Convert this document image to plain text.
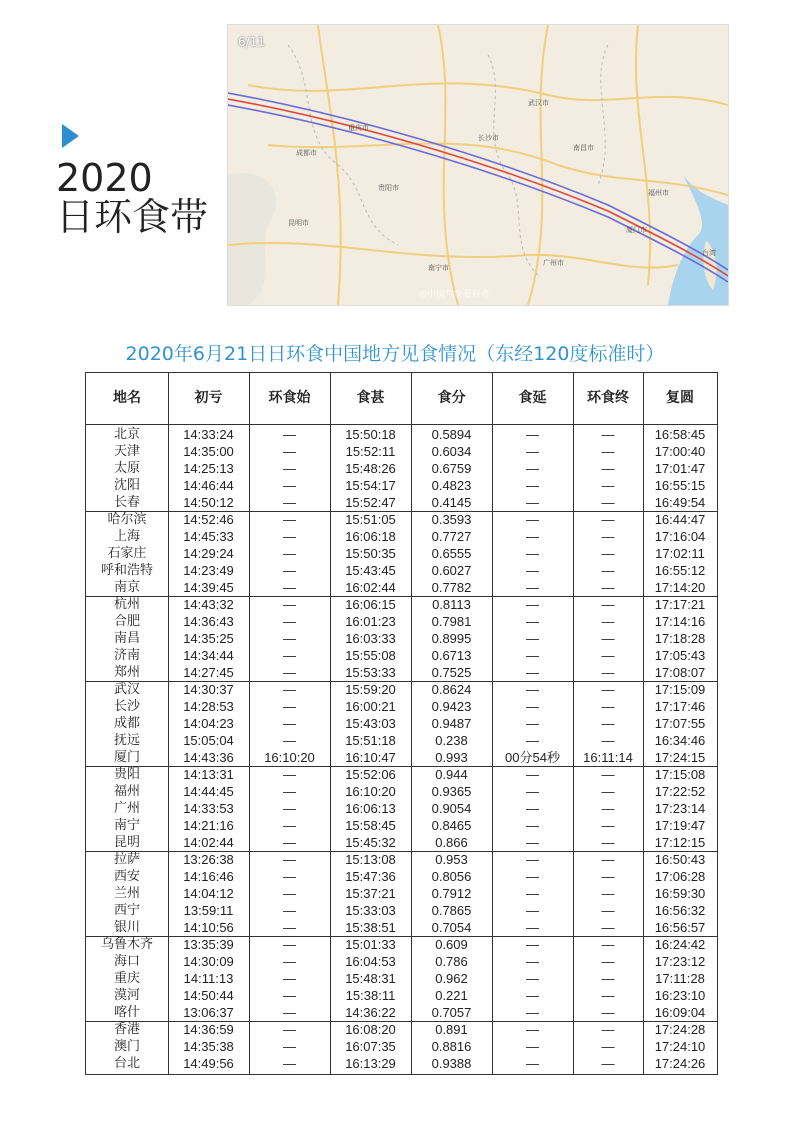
2020
日环食带
成都市
重庆市
贵阳市
昆明市
长沙市
武汉市
南昌市
福州市
广州市
南宁市
厦门市
台湾
@中国气象爱好者
6/11
2020年6月21日日环食中国地方见食情况（东经120度标准时）
地名	初亏	环食始	食甚	食分	食延	环食终	复圆
北京	14:33:24	—	15:50:18	0.5894	—	—	16:58:45
天津	14:35:00	—	15:52:11	0.6034	—	—	17:00:40
太原	14:25:13	—	15:48:26	0.6759	—	—	17:01:47
沈阳	14:46:44	—	15:54:17	0.4823	—	—	16:55:15
长春	14:50:12	—	15:52:47	0.4145	—	—	16:49:54
哈尔滨	14:52:46	—	15:51:05	0.3593	—	—	16:44:47
上海	14:45:33	—	16:06:18	0.7727	—	—	17:16:04
石家庄	14:29:24	—	15:50:35	0.6555	—	—	17:02:11
呼和浩特	14:23:49	—	15:43:45	0.6027	—	—	16:55:12
南京	14:39:45	—	16:02:44	0.7782	—	—	17:14:20
杭州	14:43:32	—	16:06:15	0.8113	—	—	17:17:21
合肥	14:36:43	—	16:01:23	0.7981	—	—	17:14:16
南昌	14:35:25	—	16:03:33	0.8995	—	—	17:18:28
济南	14:34:44	—	15:55:08	0.6713	—	—	17:05:43
郑州	14:27:45	—	15:53:33	0.7525	—	—	17:08:07
武汉	14:30:37	—	15:59:20	0.8624	—	—	17:15:09
长沙	14:28:53	—	16:00:21	0.9423	—	—	17:17:46
成都	14:04:23	—	15:43:03	0.9487	—	—	17:07:55
抚远	15:05:04	—	15:51:18	0.238	—	—	16:34:46
厦门	14:43:36	16:10:20	16:10:47	0.993	00分54秒	16:11:14	17:24:15
贵阳	14:13:31	—	15:52:06	0.944	—	—	17:15:08
福州	14:44:45	—	16:10:20	0.9365	—	—	17:22:52
广州	14:33:53	—	16:06:13	0.9054	—	—	17:23:14
南宁	14:21:16	—	15:58:45	0.8465	—	—	17:19:47
昆明	14:02:44	—	15:45:32	0.866	—	—	17:12:15
拉萨	13:26:38	—	15:13:08	0.953	—	—	16:50:43
西安	14:16:46	—	15:47:36	0.8056	—	—	17:06:28
兰州	14:04:12	—	15:37:21	0.7912	—	—	16:59:30
西宁	13:59:11	—	15:33:03	0.7865	—	—	16:56:32
银川	14:10:56	—	15:38:51	0.7054	—	—	16:56:57
乌鲁木齐	13:35:39	—	15:01:33	0.609	—	—	16:24:42
海口	14:30:09	—	16:04:53	0.786	—	—	17:23:12
重庆	14:11:13	—	15:48:31	0.962	—	—	17:11:28
漠河	14:50:44	—	15:38:11	0.221	—	—	16:23:10
喀什	13:06:37	—	14:36:22	0.7057	—	—	16:09:04
香港	14:36:59	—	16:08:20	0.891	—	—	17:24:28
澳门	14:35:38	—	16:07:35	0.8816	—	—	17:24:10
台北	14:49:56	—	16:13:29	0.9388	—	—	17:24:26
